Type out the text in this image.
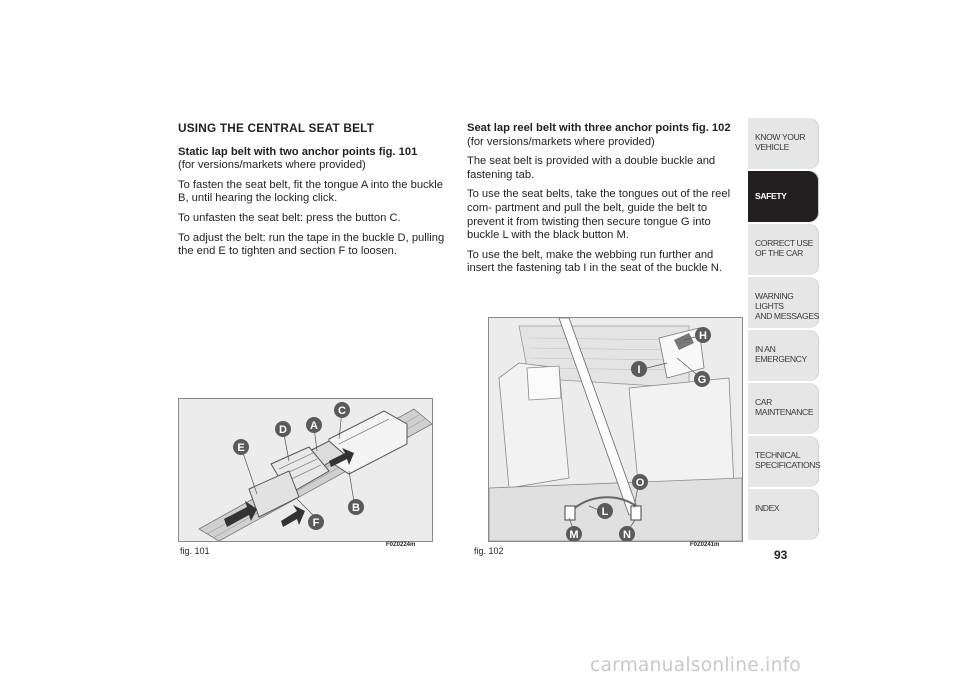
USING THE CENTRAL SEAT BELT

Static lap belt with two anchor points fig. 101

(for versions/markets where provided)

To fasten the seat belt, fit the tongue A into the buckle B, until hearing the locking click.

To unfasten the seat belt: press the button C.

To adjust the belt: run the tape in the buckle D, pulling the end E to tighten and section F to loosen.

Seat lap reel belt with three anchor points fig. 102

(for versions/markets where provided)

The seat belt is provided with a double buckle and fastening tab.

To use the seat belts, take the tongues out of the reel com- partment and pull the belt, guide the belt to prevent it from twisting then secure tongue G into buckle L with the black button M.

To use the belt, make the webbing run further and insert the fastening tab I in the seat of the buckle N.

E
D A
C
B
F
fig. 101
F0Z0224m
H
I
G
O
L
M	N
fig. 102
F0Z0241m
KNOW YOUR
VEHICLE
SAFETY
CORRECT USE
OF THE CAR
WARNING LIGHTS
AND MESSAGES
IN AN EMERGENCY
CAR
MAINTENANCE
TECHNICAL
SPECIFICATIONS
INDEX
93
carmanualsonline.info
